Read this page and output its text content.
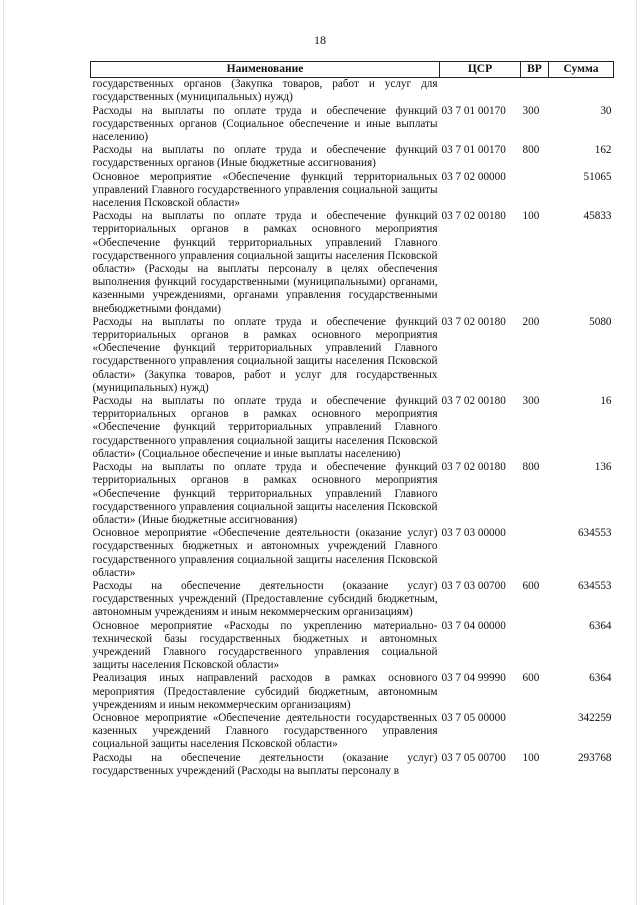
18
Наименование	ЦСР	ВР	Сумма
государственных органов (Закупка товаров, работ и услуг для государственных (муниципальных) нужд)			
Расходы на выплаты по оплате труда и обеспечение функций государственных органов (Социальное обеспечение и иные выплаты населению)	03 7 01 00170	300	30
Расходы на выплаты по оплате труда и обеспечение функций государственных органов (Иные бюджетные ассигнования)	03 7 01 00170	800	162
Основное мероприятие «Обеспечение функций территориальных управлений Главного государственного управления социальной защиты населения Псковской области»	03 7 02 00000		51065
Расходы на выплаты по оплате труда и обеспечение функций территориальных органов в рамках основного мероприятия «Обеспечение функций территориальных управлений Главного государственного управления социальной защиты населения Псковской области» (Расходы на выплаты персоналу в целях обеспечения выполнения функций государственными (муниципальными) органами, казенными учреждениями, органами управления государственными внебюджетными фондами)	03 7 02 00180	100	45833
Расходы на выплаты по оплате труда и обеспечение функций территориальных органов в рамках основного мероприятия «Обеспечение функций территориальных управлений Главного государственного управления социальной защиты населения Псковской области» (Закупка товаров, работ и услуг для государственных (муниципальных) нужд)	03 7 02 00180	200	5080
Расходы на выплаты по оплате труда и обеспечение функций территориальных органов в рамках основного мероприятия «Обеспечение функций территориальных управлений Главного государственного управления социальной защиты населения Псковской области» (Социальное обеспечение и иные выплаты населению)	03 7 02 00180	300	16
Расходы на выплаты по оплате труда и обеспечение функций территориальных органов в рамках основного мероприятия «Обеспечение функций территориальных управлений Главного государственного управления социальной защиты населения Псковской области» (Иные бюджетные ассигнования)	03 7 02 00180	800	136
Основное мероприятие «Обеспечение деятельности (оказание услуг) государственных бюджетных и автономных учреждений Главного государственного управления социальной защиты населения Псковской области»	03 7 03 00000		634553
Расходы на обеспечение деятельности (оказание услуг) государственных учреждений (Предоставление субсидий бюджетным, автономным учреждениям и иным некоммерческим организациям)	03 7 03 00700	600	634553
Основное мероприятие «Расходы по укреплению материально-технической базы государственных бюджетных и автономных учреждений Главного государственного управления социальной защиты населения Псковской области»	03 7 04 00000		6364
Реализация иных направлений расходов в рамках основного мероприятия (Предоставление субсидий бюджетным, автономным учреждениям и иным некоммерческим организациям)	03 7 04 99990	600	6364
Основное мероприятие «Обеспечение деятельности государственных казенных учреждений Главного государственного управления социальной защиты населения Псковской области»	03 7 05 00000		342259
Расходы на обеспечение деятельности (оказание услуг) государственных учреждений (Расходы на выплаты персоналу в	03 7 05 00700	100	293768
